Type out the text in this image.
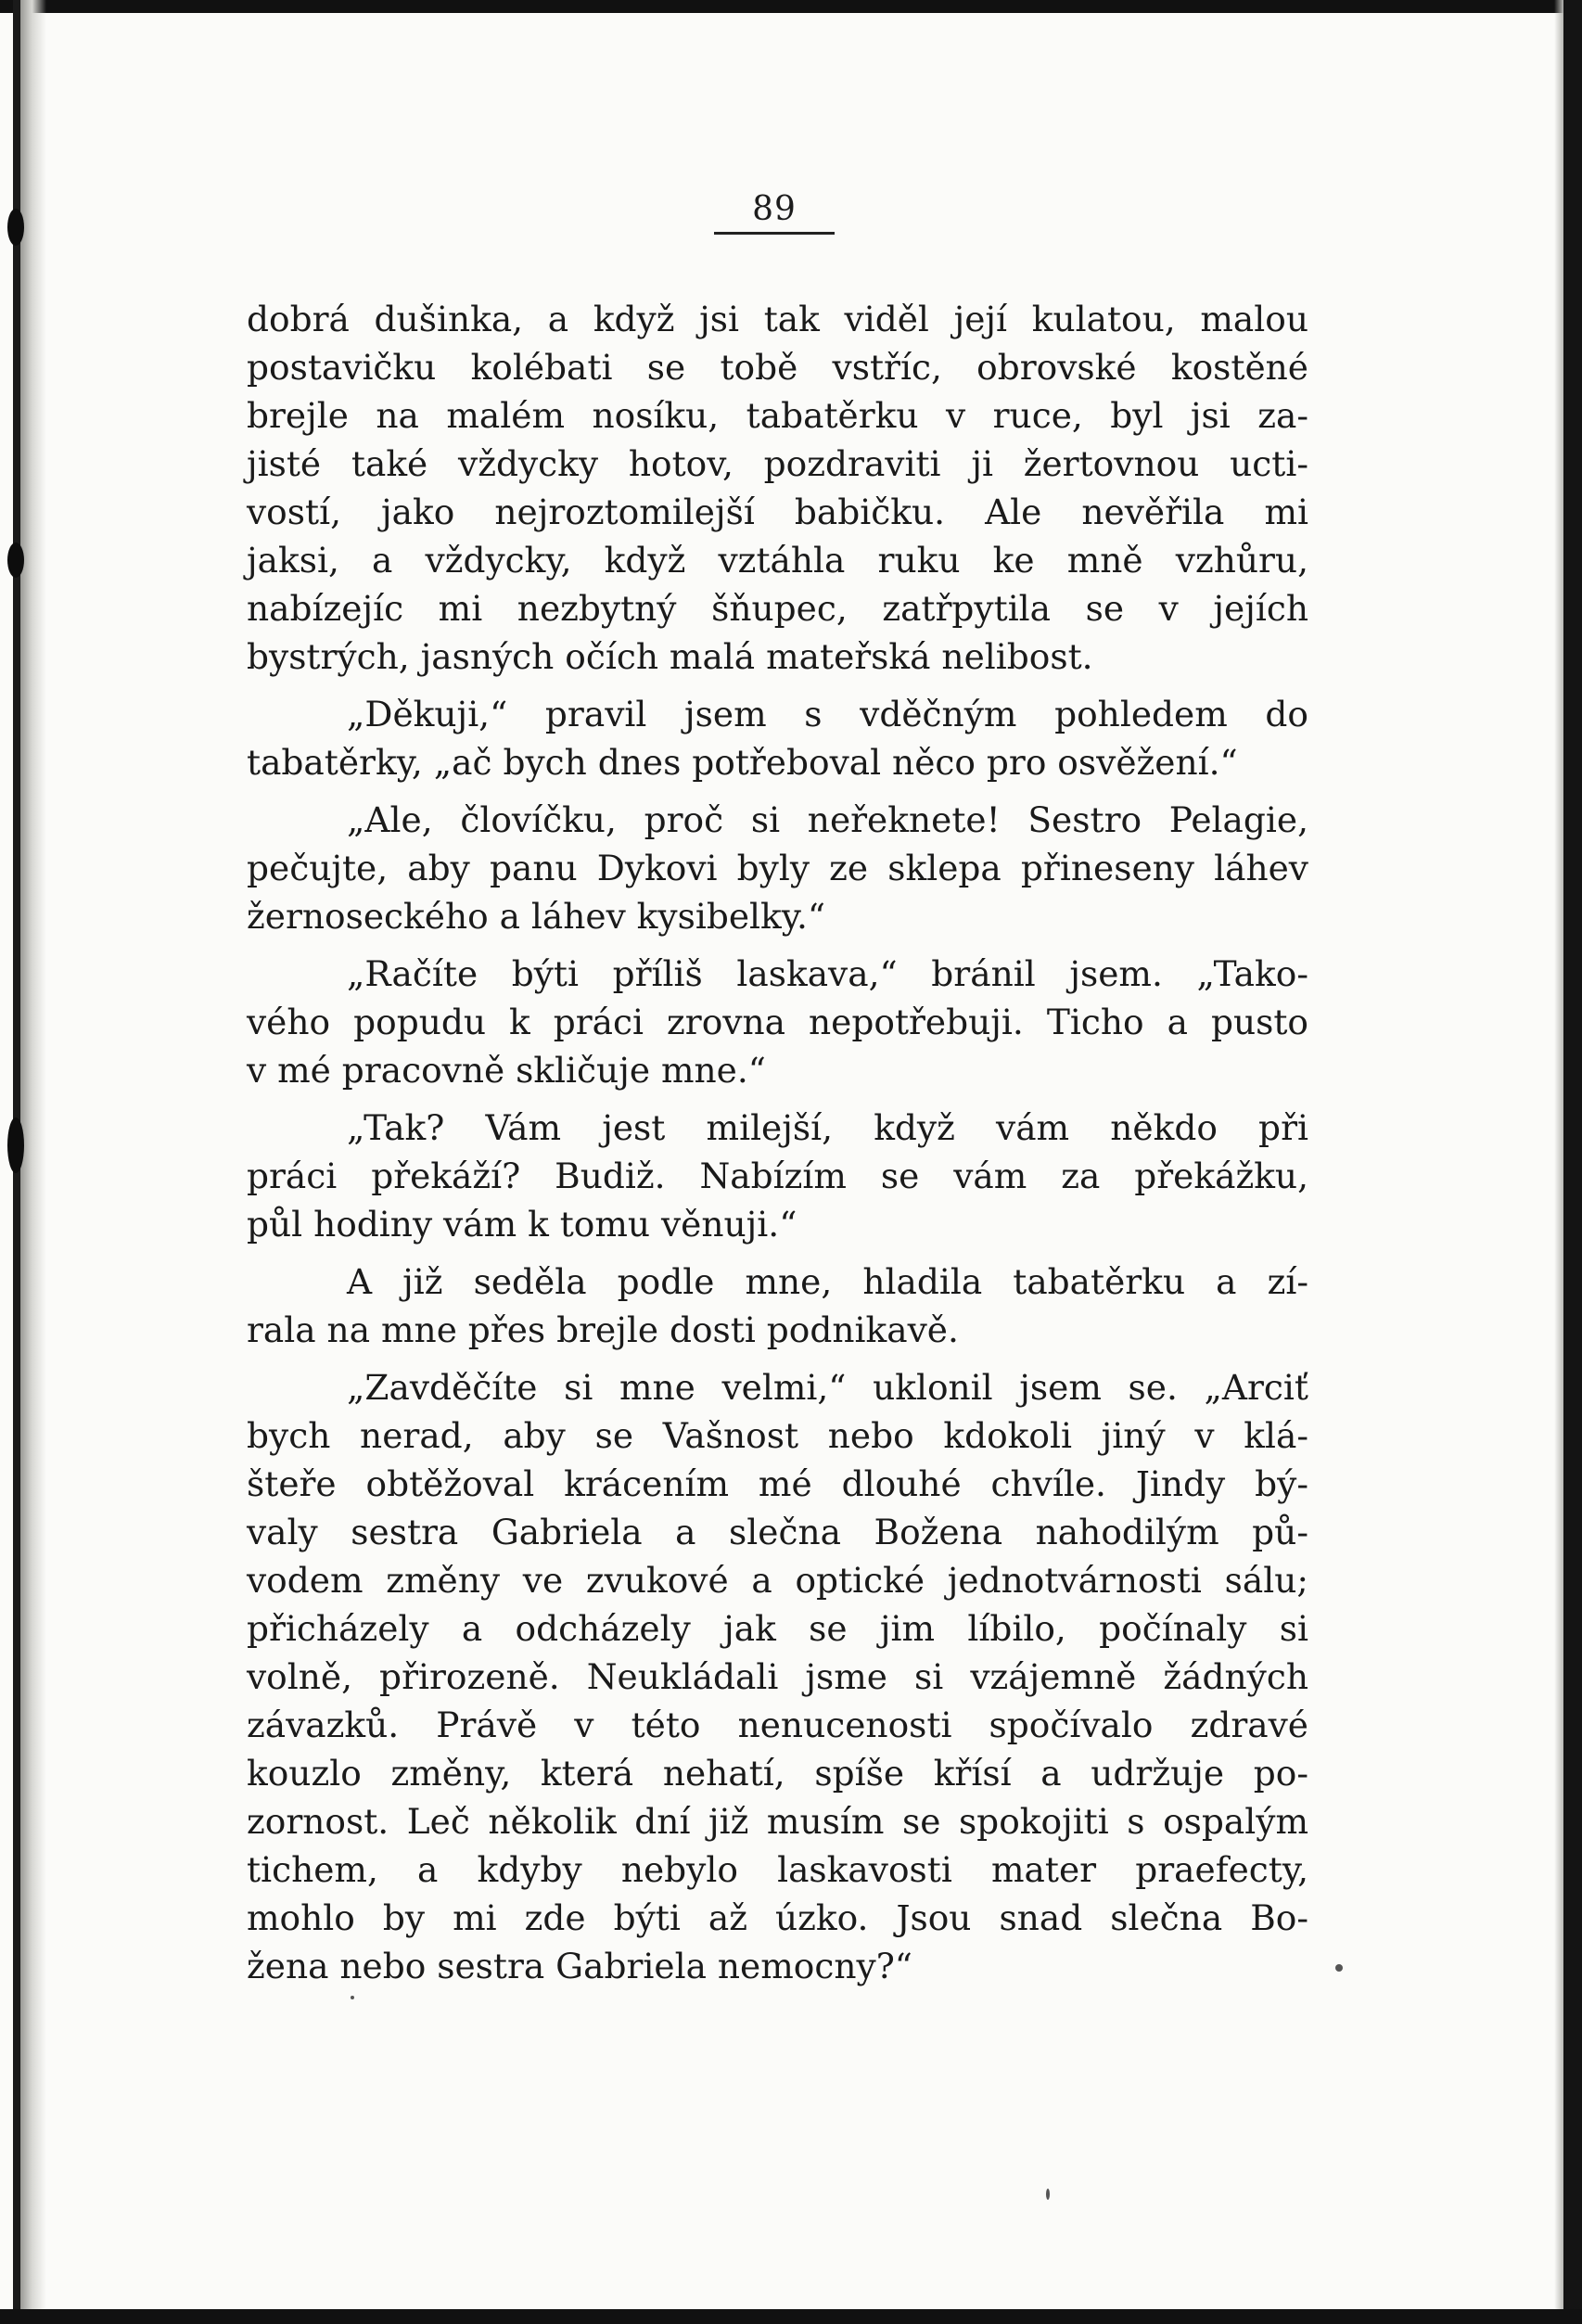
89
dobrá dušinka, a když jsi tak viděl její kulatou, malou
postavičku kolébati se tobě vstříc, obrovské kostěné
brejle na malém nosíku, tabatěrku v ruce, byl jsi za-
jisté také vždycky hotov, pozdraviti ji žertovnou ucti-
vostí, jako nejroztomilejší babičku. Ale nevěřila mi
jaksi, a vždycky, když vztáhla ruku ke mně vzhůru,
nabízejíc mi nezbytný šňupec, zatřpytila se v jejích
bystrých, jasných očích malá mateřská nelibost.
„Děkuji,“ pravil jsem s vděčným pohledem do
tabatěrky, „ač bych dnes potřeboval něco pro osvěžení.“
„Ale, človíčku, proč si neřeknete! Sestro Pelagie,
pečujte, aby panu Dykovi byly ze sklepa přineseny láhev
žernoseckého a láhev kysibelky.“
„Račíte býti příliš laskava,“ bránil jsem. „Tako-
vého popudu k práci zrovna nepotřebuji. Ticho a pusto
v mé pracovně skličuje mne.“
„Tak? Vám jest milejší, když vám někdo při
práci překáží? Budiž. Nabízím se vám za překážku,
půl hodiny vám k tomu věnuji.“
A již seděla podle mne, hladila tabatěrku a zí-
rala na mne přes brejle dosti podnikavě.
„Zavděčíte si mne velmi,“ uklonil jsem se. „Arciť
bych nerad, aby se Vašnost nebo kdokoli jiný v klá-
šteře obtěžoval krácením mé dlouhé chvíle. Jindy bý-
valy sestra Gabriela a slečna Božena nahodilým pů-
vodem změny ve zvukové a optické jednotvárnosti sálu;
přicházely a odcházely jak se jim líbilo, počínaly si
volně, přirozeně. Neukládali jsme si vzájemně žádných
závazků. Právě v této nenucenosti spočívalo zdravé
kouzlo změny, která nehatí, spíše křísí a udržuje po-
zornost. Leč několik dní již musím se spokojiti s ospalým
tichem, a kdyby nebylo laskavosti mater praefecty,
mohlo by mi zde býti až úzko. Jsou snad slečna Bo-
žena nebo sestra Gabriela nemocny?“
